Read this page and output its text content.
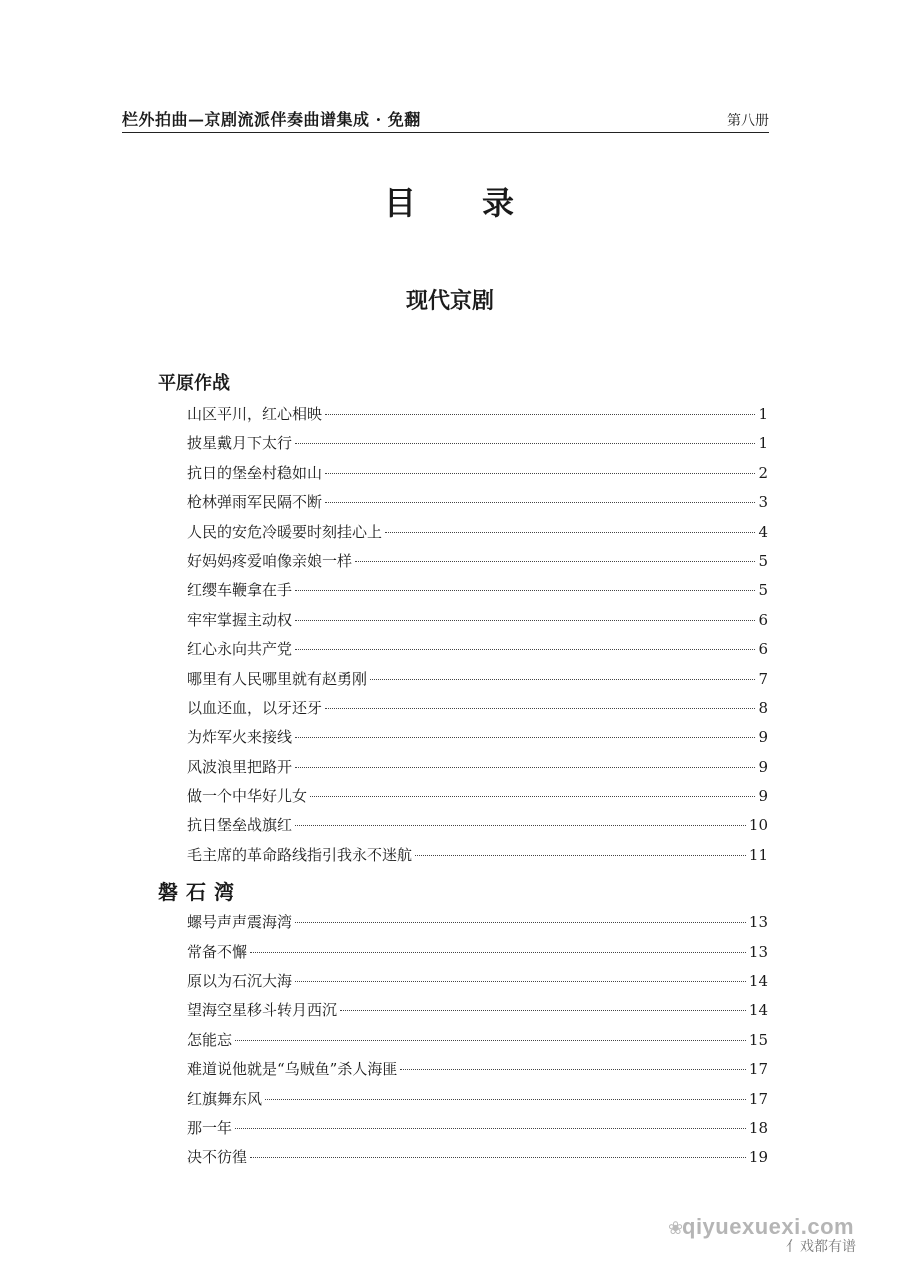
栏外拍曲—京剧流派伴奏曲谱集成 · 免翻	第八册
目 录
现代京剧
平原作战
山区平川，红心相映	1
披星戴月下太行	1
抗日的堡垒村稳如山	2
枪林弹雨军民隔不断	3
人民的安危冷暖要时刻挂心上	4
好妈妈疼爱咱像亲娘一样	5
红缨车鞭拿在手	5
牢牢掌握主动权	6
红心永向共产党	6
哪里有人民哪里就有赵勇刚	7
以血还血，以牙还牙	8
为炸军火来接线	9
风波浪里把路开	9
做一个中华好儿女	9
抗日堡垒战旗红	10
毛主席的革命路线指引我永不迷航	11
磐石湾
螺号声声震海湾	13
常备不懈	13
原以为石沉大海	14
望海空星移斗转月西沉	14
怎能忘	15
难道说他就是“乌贼鱼”杀人海匪	17
红旗舞东风	17
那一年	18
决不彷徨	19
❀
qiyuexuexi.com
亻戏都有谱
